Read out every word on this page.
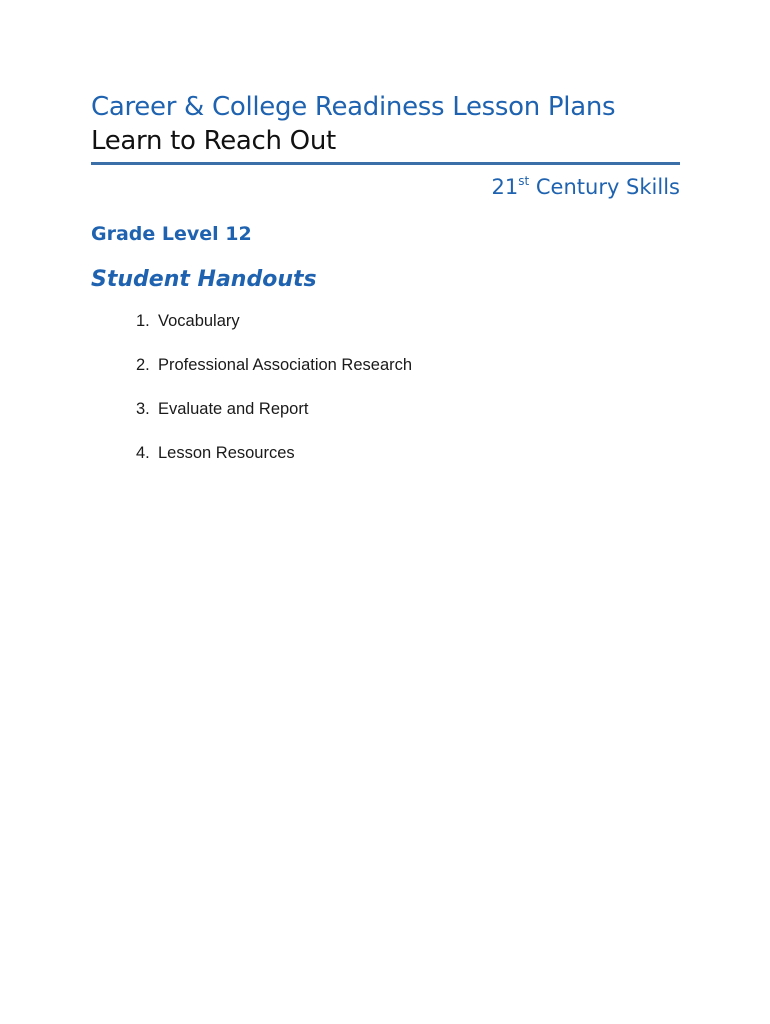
Career & College Readiness Lesson Plans
Learn to Reach Out
21st Century Skills
Grade Level 12
Student Handouts
1. Vocabulary
2. Professional Association Research
3. Evaluate and Report
4. Lesson Resources
